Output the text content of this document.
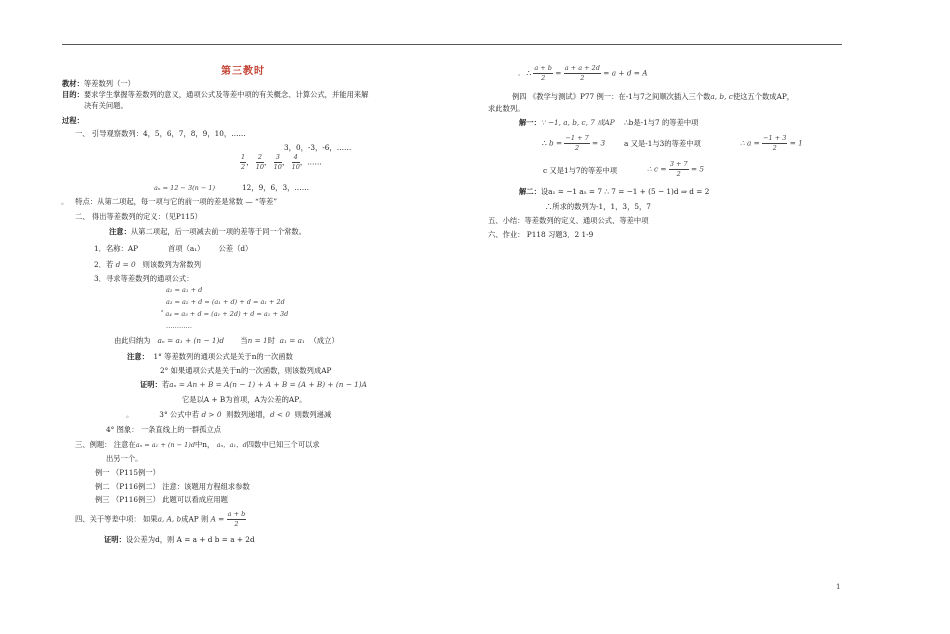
第三教时
教材：等差数列（一）
目的：要求学生掌握等差数列的意义，通项公式及等差中项的有关概念、计算公式，并能用来解
决有关问题。
过程：
一、 引导观察数列：4，5，6，7，8，9，10，……
3，0，-3，-6，……
$\frac{1}{2}$ ， $\frac{2}{10}$ ， $\frac{3}{10}$ ， $\frac{4}{10}$ ，……
aₙ = 12 − 3(n − 1)	12，9，6，3，……
。 特点：从第二项起，每一项与它的前一项的差是常数 — “等差”
二、 得出等差数列的定义：（见P115）
注意：从第二项起，后一项减去前一项的差等于同一个常数。
1．名称：AP	首项（a₁） 公差（d）
2．若 d = 0 则该数列为常数列
3．寻求等差数列的通项公式：
a₂ = a₁ + d
a₃ = a₂ + d = (a₁ + d) + d = a₁ + 2d
˚ a₄ = a₃ + d = (a₁ + 2d) + d = a₁ + 3d
…………
由此归纳为 aₙ = a₁ + (n − 1)d 当n = 1时 a₁ = a₁ （成立）
注意： 1° 等差数列的通项公式是关于n的一次函数
2° 如果通项公式是关于n的一次函数，则该数列成AP
证明：若aₙ = An + B = A(n − 1) + A + B = (A + B) + (n − 1)A
它是以A + B为首项，A为公差的AP。
。	3° 公式中若 d > 0 则数列递增，d < 0 则数列递减
4° 图象： 一条直线上的一群孤立点
三、例题： 注意在aₙ = a₁ + (n − 1)d中n， aₙ，a₁，d四数中已知三个可以求
出另一个。
例一 （P115例一）
例二 （P116例二） 注意：该题用方程组求参数
例三 （P116例三） 此题可以看成应用题
四、关于等差中项： 如果a, A, b成AP 则 $A = \frac{a + b}{2}$
证明：设公差为d，则 A = a + d b = a + 2d
。 ∴ $\frac{a + b}{2} = \frac{a + a + 2d}{2} = a + d = A$
例四 《教学与测试》P77 例一：在-1与7之间顺次插入三个数a, b, c使这五个数成AP，
求此数列。
解一：∵ −1, a, b, c, 7 成AP ∴b是-1与7 的等差中项
∴ $b = \frac{-1 + 7}{2} = 3$	a 又是-1与3的等差中项	∴ $a = \frac{-1 + 3}{2} = 1$
c 又是1与7的等差中项	∴ $c = \frac{3 + 7}{2} = 5$
解二：设a₁ = −1 a₅ = 7 ∴ 7 = −1 + (5 − 1)d ⇒ d = 2
∴所求的数列为-1，1，3，5，7
五、小结：等差数列的定义、通项公式、等差中项
六、作业： P118 习题3．2 1-9
1
